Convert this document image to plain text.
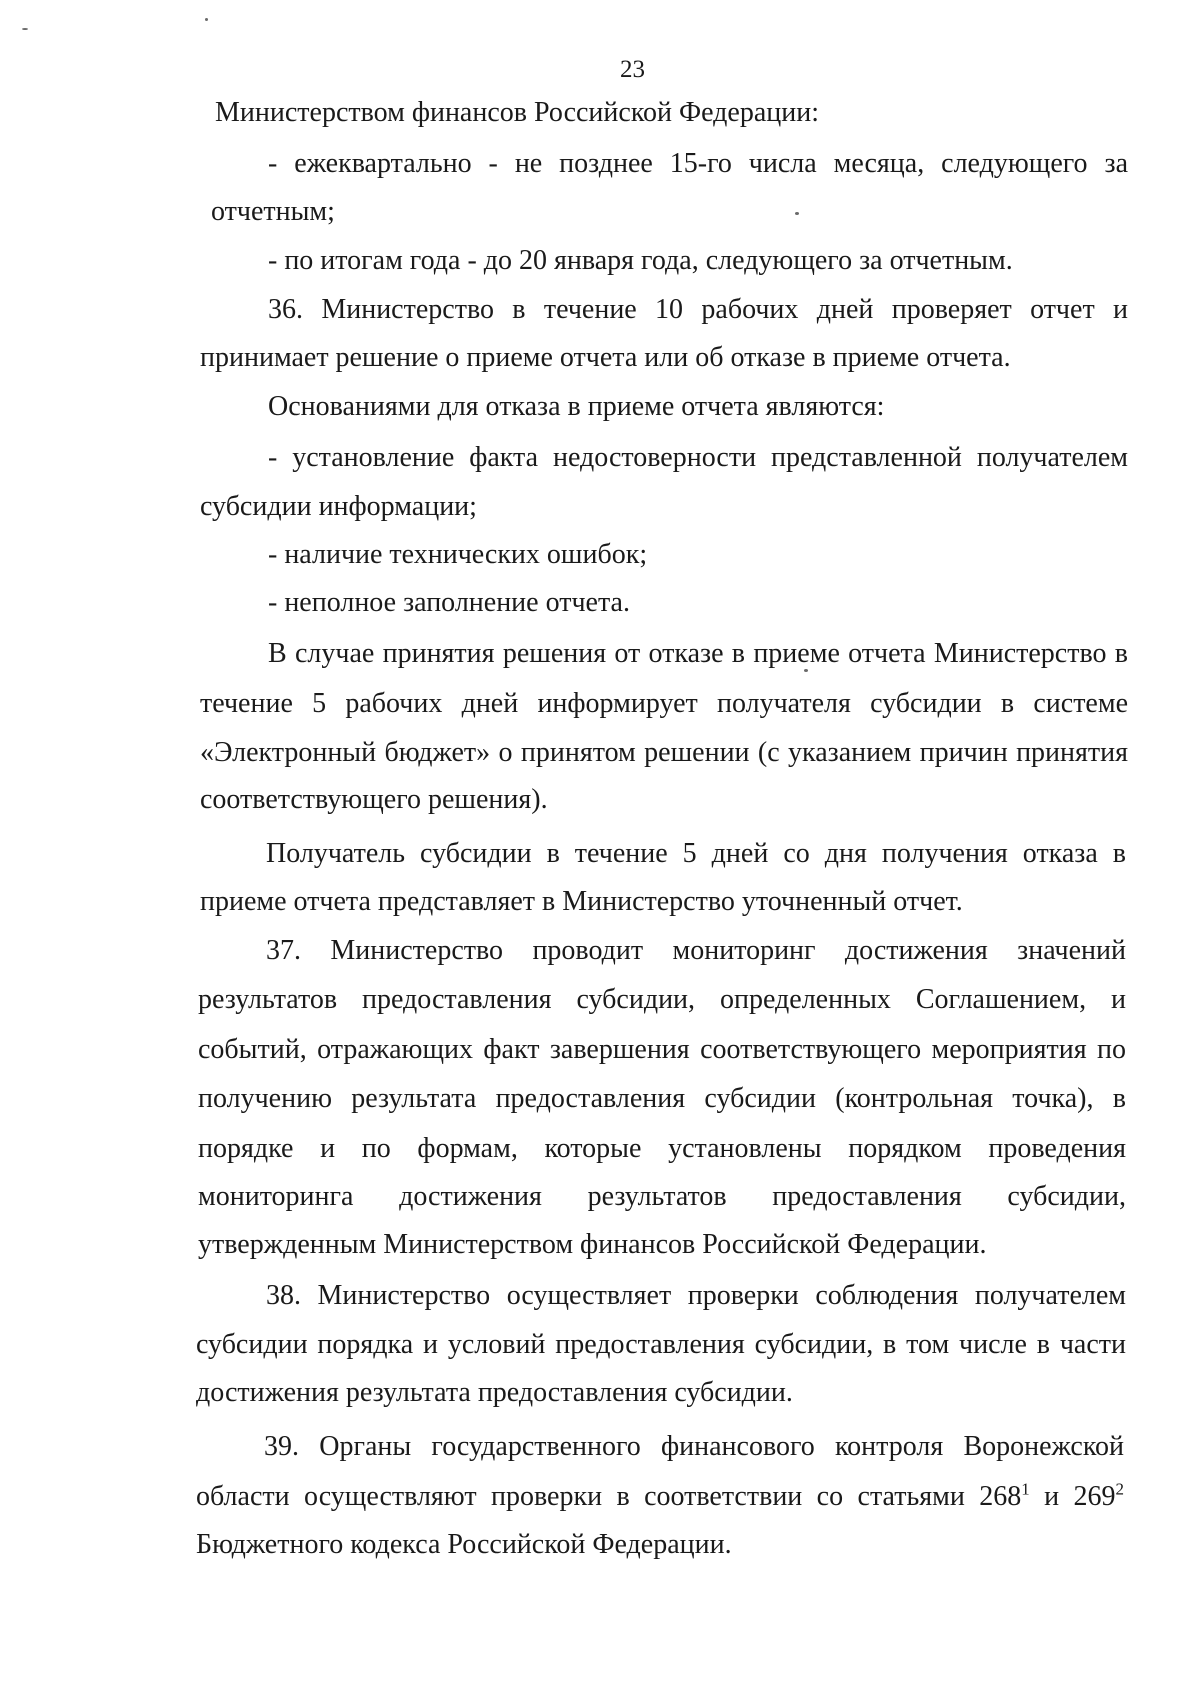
23
Министерством финансов Российской Федерации:
- ежеквартально - не позднее 15-го числа месяца, следующего за
отчетным;
- по итогам года - до 20 января года, следующего за отчетным.
36. Министерство в течение 10 рабочих дней проверяет отчет и
принимает решение о приеме отчета или об отказе в приеме отчета.
Основаниями для отказа в приеме отчета являются:
- установление факта недостоверности представленной получателем
субсидии информации;
- наличие технических ошибок;
- неполное заполнение отчета.
В случае принятия решения от отказе в приеме отчета Министерство в
течение 5 рабочих дней информирует получателя субсидии в системе
«Электронный бюджет» о принятом решении (с указанием причин принятия
соответствующего решения).
Получатель субсидии в течение 5 дней со дня получения отказа в
приеме отчета представляет в Министерство уточненный отчет.
37. Министерство проводит мониторинг достижения значений
результатов предоставления субсидии, определенных Соглашением, и
событий, отражающих факт завершения соответствующего мероприятия по
получению результата предоставления субсидии (контрольная точка), в
порядке и по формам, которые установлены порядком проведения
мониторинга достижения результатов предоставления субсидии,
утвержденным Министерством финансов Российской Федерации.
38. Министерство осуществляет проверки соблюдения получателем
субсидии порядка и условий предоставления субсидии, в том числе в части
достижения результата предоставления субсидии.
39. Органы государственного финансового контроля Воронежской
области осуществляют проверки в соответствии со статьями $268^1$ и $269^2$
Бюджетного кодекса Российской Федерации.
